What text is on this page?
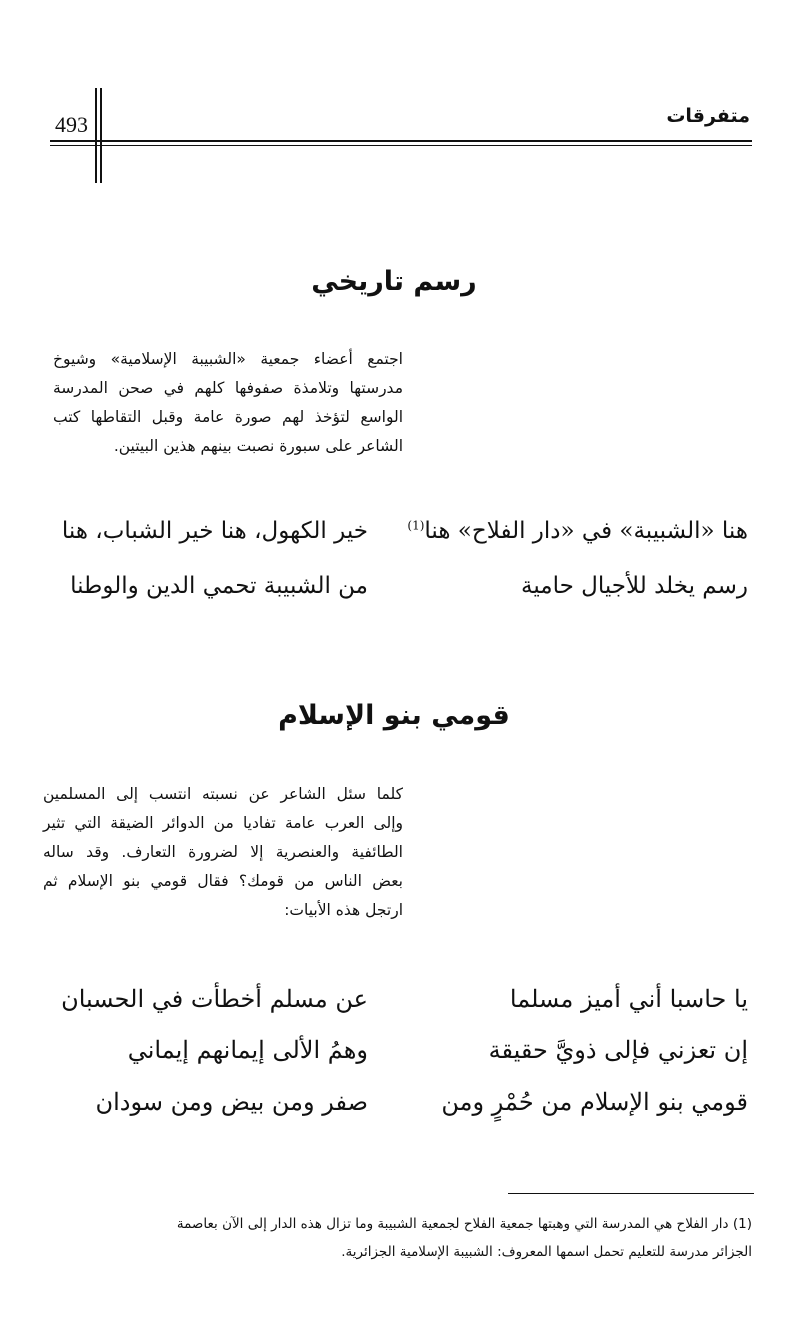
متفرقات
493
رسم تاريخي
اجتمع أعضاء جمعية «الشبيبة الإسلامية» وشيوخ
مدرستها وتلامذة صفوفها كلهم في صحن المدرسة
الواسع لتؤخذ لهم صورة عامة وقبل التقاطها كتب
الشاعر على سبورة نصبت بينهم هذين البيتين.
هنا «الشبيبة» في «دار الفلاح» هنا$^{(1)}$
خير الكهول، هنا خير الشباب، هنا
رسم يخلد للأجيال حامية
من الشبيبة تحمي الدين والوطنا
قومي بنو الإسلام
كلما سئل الشاعر عن نسبته انتسب إلى المسلمين
وإلى العرب عامة تفاديا من الدوائر الضيقة التي تثير
الطائفية والعنصرية إلا لضرورة التعارف. وقد ساله
بعض الناس من قومك؟ فقال قومي بنو الإسلام ثم
ارتجل هذه الأبيات:
يا حاسبا أني أميز مسلما
عن مسلم أخطأت في الحسبان
إن تعزني فإلى ذويَّ حقيقة
وهمُ الألى إيمانهم إيماني
قومي بنو الإسلام من حُمْرٍ ومن
صفر ومن بيض ومن سودان
(1) دار الفلاح هي المدرسة التي وهبتها جمعية الفلاح لجمعية الشبيبة وما تزال هذه الدار إلى الآن بعاصمة
الجزائر مدرسة للتعليم تحمل اسمها المعروف: الشبيبة الإسلامية الجزائرية.
